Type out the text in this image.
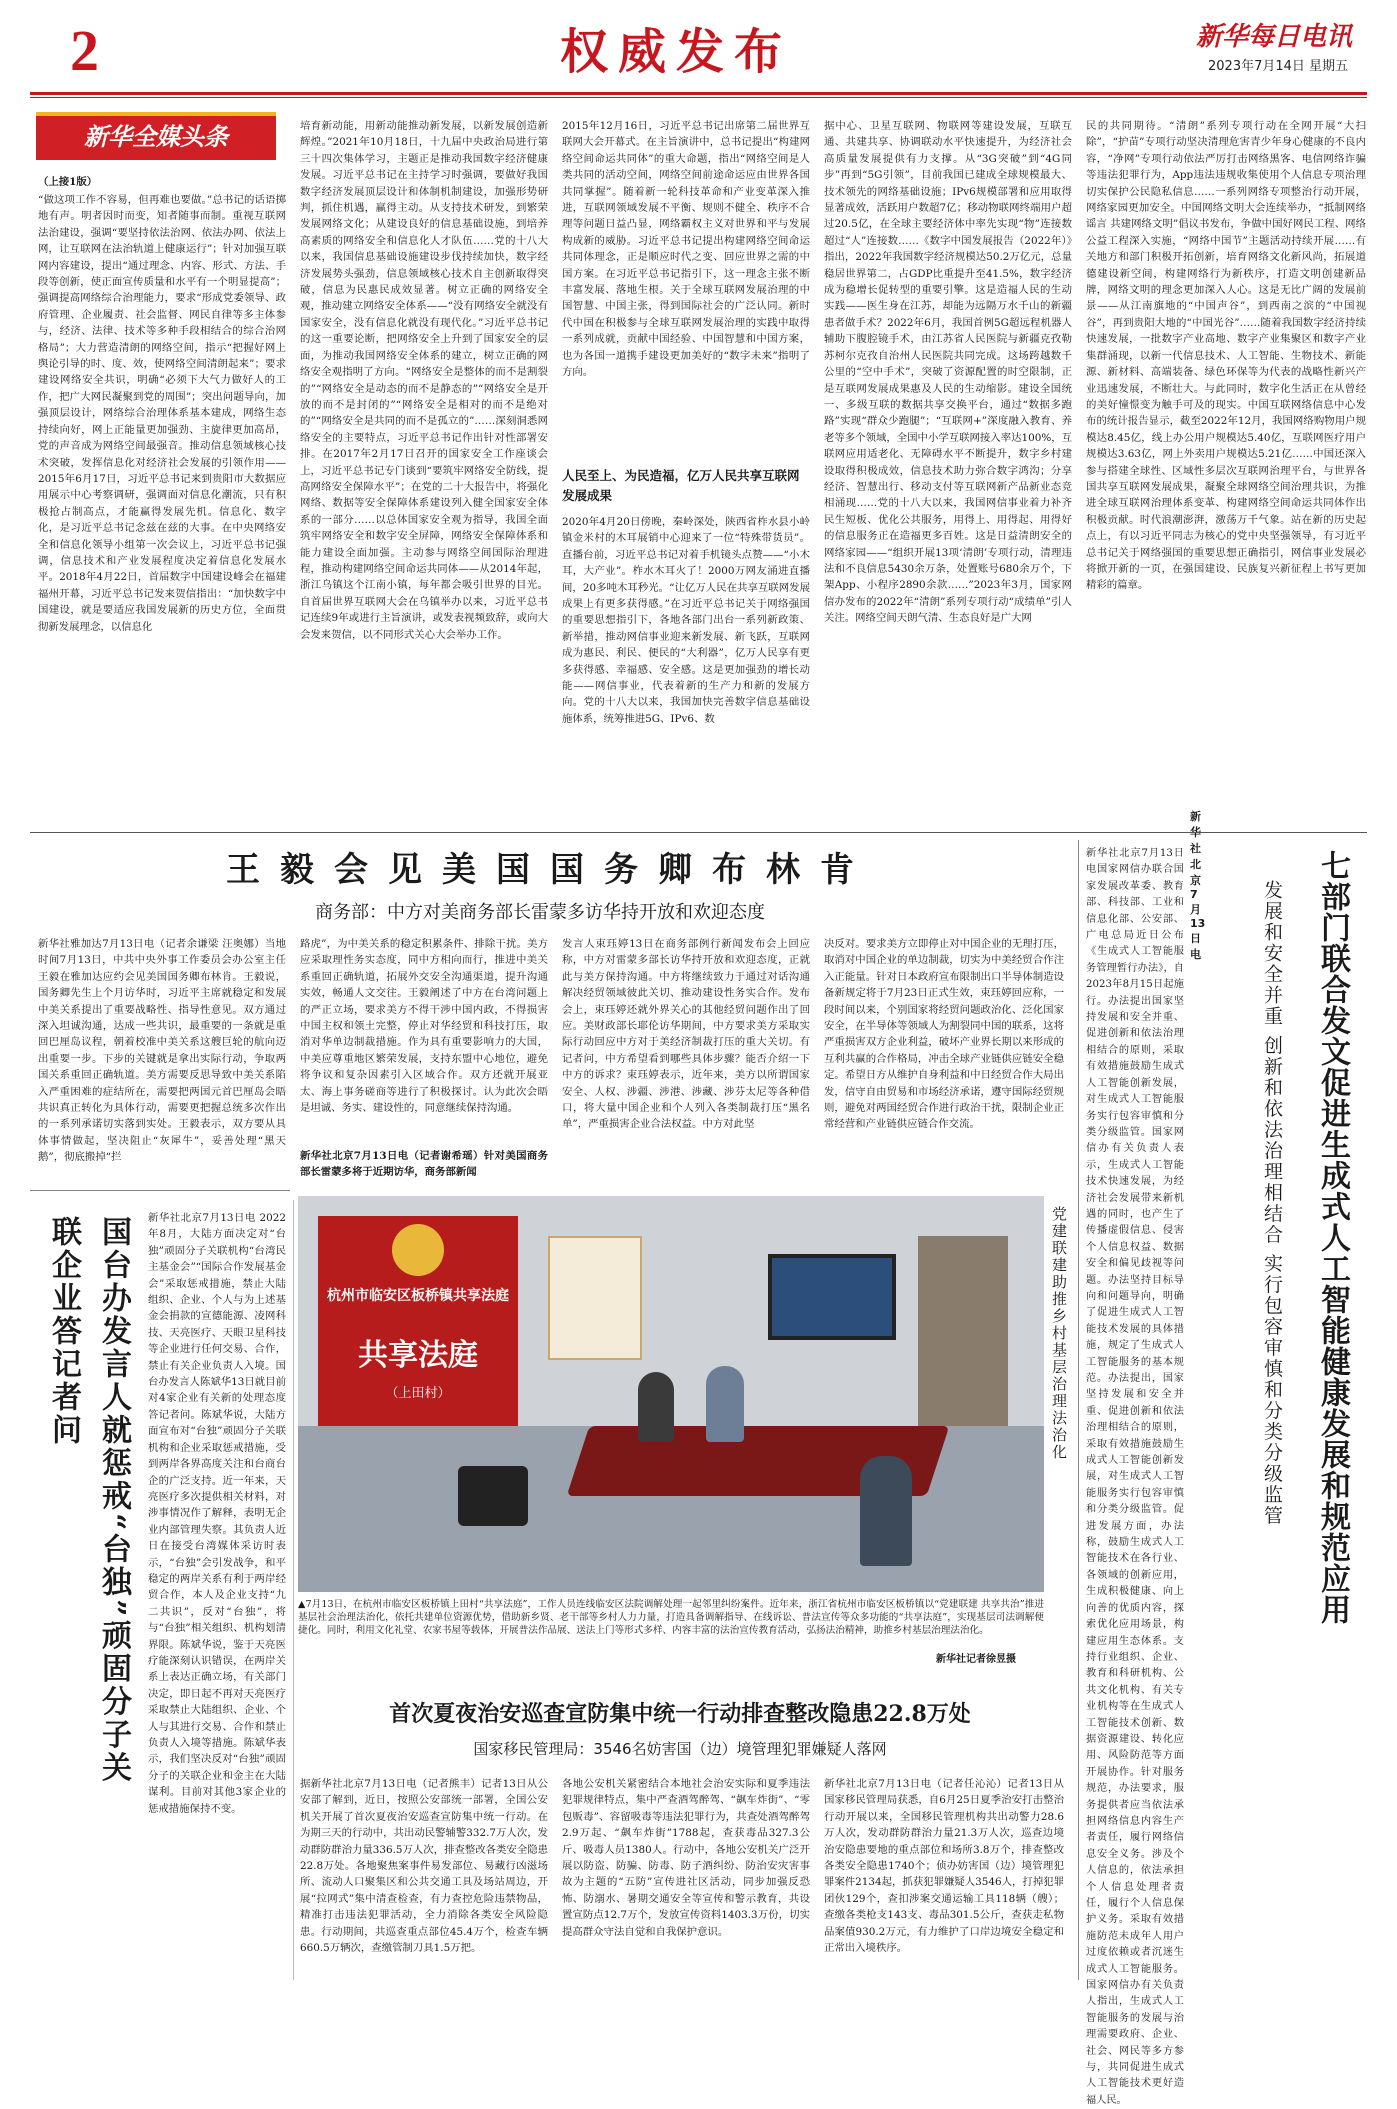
2	权威发布	新华每日电讯
2023年7月14日 星期五
新华全媒头条
（上接1版）
“做这项工作不容易，但再难也要做。”总书记的话语掷地有声。明者因时而变，知者随事而制。重视互联网法治建设，强调“要坚持依法治网、依法办网、依法上网，让互联网在法治轨道上健康运行”；针对加强互联网内容建设，提出“通过理念、内容、形式、方法、手段等创新，使正面宣传质量和水平有一个明显提高”；强调提高网络综合治理能力，要求“形成党委领导、政府管理、企业履责、社会监督、网民自律等多主体参与，经济、法律、技术等多种手段相结合的综合治网格局”；大力营造清朗的网络空间，指示“把握好网上舆论引导的时、度、效，使网络空间清朗起来”；要求建设网络安全共识，明确“必须下大气力做好人的工作，把广大网民凝聚到党的周围”；突出问题导向，加强顶层设计，网络综合治理体系基本建成，网络生态持续向好，网上正能量更加强劲、主旋律更加高昂，党的声音成为网络空间最强音。推动信息领域核心技术突破，发挥信息化对经济社会发展的引领作用——2015年6月17日，习近平总书记来到贵阳市大数据应用展示中心考察调研，强调面对信息化潮流，只有积极抢占制高点，才能赢得发展先机。信息化、数字化，是习近平总书记念兹在兹的大事。在中央网络安全和信息化领导小组第一次会议上，习近平总书记强调，信息技术和产业发展程度决定着信息化发展水平。2018年4月22日，首届数字中国建设峰会在福建福州开幕，习近平总书记发来贺信指出：“加快数字中国建设，就是要适应我国发展新的历史方位，全面贯彻新发展理念，以信息化
培育新动能，用新动能推动新发展，以新发展创造新辉煌。”2021年10月18日，十九届中央政治局进行第三十四次集体学习，主题正是推动我国数字经济健康发展。习近平总书记在主持学习时强调，要做好我国数字经济发展顶层设计和体制机制建设，加强形势研判，抓住机遇，赢得主动。从支持技术研发，到繁荣发展网络文化；从建设良好的信息基础设施，到培养高素质的网络安全和信息化人才队伍……党的十八大以来，我国信息基础设施建设步伐持续加快，数字经济发展势头强劲，信息领域核心技术自主创新取得突破，信息为民惠民成效显著。树立正确的网络安全观，推动建立网络安全体系——“没有网络安全就没有国家安全，没有信息化就没有现代化。”习近平总书记的这一重要论断，把网络安全上升到了国家安全的层面，为推动我国网络安全体系的建立，树立正确的网络安全观指明了方向。“网络安全是整体的而不是割裂的”“网络安全是动态的而不是静态的”“网络安全是开放的而不是封闭的”“网络安全是相对的而不是绝对的”“网络安全是共同的而不是孤立的”……深刻洞悉网络安全的主要特点，习近平总书记作出针对性部署安排。在2017年2月17日召开的国家安全工作座谈会上，习近平总书记专门谈到“要筑牢网络安全防线，提高网络安全保障水平”；在党的二十大报告中，将强化网络、数据等安全保障体系建设列入健全国家安全体系的一部分……以总体国家安全观为指导，我国全面筑牢网络安全和数字安全屏障，网络安全保障体系和能力建设全面加强。主动参与网络空间国际治理进程，推动构建网络空间命运共同体——从2014年起，浙江乌镇这个江南小镇，每年都会吸引世界的目光。自首届世界互联网大会在乌镇举办以来，习近平总书记连续9年或进行主旨演讲，或发表视频致辞，或向大会发来贺信，以不同形式关心大会举办工作。
2015年12月16日，习近平总书记出席第二届世界互联网大会开幕式。在主旨演讲中，总书记提出“构建网络空间命运共同体”的重大命题，指出“网络空间是人类共同的活动空间，网络空间前途命运应由世界各国共同掌握”。随着新一轮科技革命和产业变革深入推进，互联网领域发展不平衡、规则不健全、秩序不合理等问题日益凸显，网络霸权主义对世界和平与发展构成新的威胁。习近平总书记提出构建网络空间命运共同体理念，正是顺应时代之变、回应世界之需的中国方案。在习近平总书记指引下，这一理念主张不断丰富发展、落地生根。关于全球互联网发展治理的中国智慧、中国主张，得到国际社会的广泛认同。新时代中国在积极参与全球互联网发展治理的实践中取得一系列成就，贡献中国经验、中国智慧和中国方案，也为各国一道携手建设更加美好的“数字未来”指明了方向。
人民至上、为民造福，亿万人民共享互联网发展成果
2020年4月20日傍晚，秦岭深处，陕西省柞水县小岭镇金米村的木耳展销中心迎来了一位“特殊带货员”。直播台前，习近平总书记对着手机镜头点赞——“小木耳，大产业”。柞水木耳火了！2000万网友涌进直播间，20多吨木耳秒光。“让亿万人民在共享互联网发展成果上有更多获得感。”在习近平总书记关于网络强国的重要思想指引下，各地各部门出台一系列新政策、新举措，推动网信事业迎来新发展、新飞跃，互联网成为惠民、利民、便民的“大利器”，亿万人民享有更多获得感、幸福感、安全感。这是更加强劲的增长动能——网信事业，代表着新的生产力和新的发展方向。党的十八大以来，我国加快完善数字信息基础设施体系，统筹推进5G、IPv6、数
据中心、卫星互联网、物联网等建设发展，互联互通、共建共享、协调联动水平快速提升，为经济社会高质量发展提供有力支撑。从“3G突破”到“4G同步”再到“5G引领”，目前我国已建成全球规模最大、技术领先的网络基础设施；IPv6规模部署和应用取得显著成效，活跃用户数超7亿；移动物联网终端用户超过20.5亿，在全球主要经济体中率先实现“物”连接数超过“人”连接数……《数字中国发展报告（2022年）》指出，2022年我国数字经济规模达50.2万亿元，总量稳居世界第二，占GDP比重提升至41.5%，数字经济成为稳增长促转型的重要引擎。这是造福人民的生动实践——医生身在江苏，却能为远隔万水千山的新疆患者做手术？2022年6月，我国首例5G超远程机器人辅助下腹腔镜手术，由江苏省人民医院与新疆克孜勒苏柯尔克孜自治州人民医院共同完成。这场跨越数千公里的“空中手术”，突破了资源配置的时空限制，正是互联网发展成果惠及人民的生动缩影。建设全国统一、多级互联的数据共享交换平台，通过“数据多跑路”实现“群众少跑腿”；“互联网+”深度融入教育、养老等多个领域，全国中小学互联网接入率达100%，互联网应用适老化、无障碍水平不断提升，数字乡村建设取得积极成效，信息技术助力弥合数字鸿沟；分享经济、智慧出行、移动支付等互联网新产品新业态竞相涌现……党的十八大以来，我国网信事业着力补齐民生短板、优化公共服务，用得上、用得起、用得好的信息服务正在造福更多百姓。这是日益清朗安全的网络家园——“组织开展13项‘清朗’专项行动，清理违法和不良信息5430余万条，处置账号680余万个，下架App、小程序2890余款……”2023年3月，国家网信办发布的2022年“清朗”系列专项行动“成绩单”引人关注。网络空间天朗气清、生态良好是广大网
民的共同期待。“清朗”系列专项行动在全网开展“大扫除”，“护苗”专项行动坚决清理危害青少年身心健康的不良内容，“净网”专项行动依法严厉打击网络黑客、电信网络诈骗等违法犯罪行为，App违法违规收集使用个人信息专项治理切实保护公民隐私信息……一系列网络专项整治行动开展，网络家园更加安全。中国网络文明大会连续举办，“抵制网络谣言 共建网络文明”倡议书发布，争做中国好网民工程、网络公益工程深入实施，“网络中国节”主题活动持续开展……有关地方和部门积极开拓创新，培育网络文化新风尚，拓展道德建设新空间，构建网络行为新秩序，打造文明创建新品牌，网络文明的理念更加深入人心。这是无比广阔的发展前景——从江南旗地的“中国声谷”，到西南之滨的“中国视谷”，再到贵阳大地的“中国光谷”……随着我国数字经济持续快速发展，一批数字产业高地、数字产业集聚区和数字产业集群涌现，以新一代信息技术、人工智能、生物技术、新能源、新材料、高端装备、绿色环保等为代表的战略性新兴产业迅速发展，不断壮大。与此同时，数字化生活正在从曾经的美好憧憬变为触手可及的现实。中国互联网络信息中心发布的统计报告显示，截至2022年12月，我国网络购物用户规模达8.45亿，线上办公用户规模达5.40亿，互联网医疗用户规模达3.63亿，网上外卖用户规模达5.21亿……中国还深入参与搭建全球性、区域性多层次互联网治理平台，与世界各国共享互联网发展成果，凝聚全球网络空间治理共识，为推进全球互联网治理体系变革、构建网络空间命运共同体作出积极贡献。时代浪潮澎湃，激荡万千气象。站在新的历史起点上，有以习近平同志为核心的党中央坚强领导，有习近平总书记关于网络强国的重要思想正确指引，网信事业发展必将掀开新的一页，在强国建设、民族复兴新征程上书写更加精彩的篇章。
新华社北京7月13日电
王毅会见美国国务卿布林肯
商务部：中方对美商务部长雷蒙多访华持开放和欢迎态度
新华社雅加达7月13日电（记者余谦梁 汪奥娜）当地时间7月13日，中共中央外事工作委员会办公室主任王毅在雅加达应约会见美国国务卿布林肯。王毅说，国务卿先生上个月访华时，习近平主席就稳定和发展中美关系提出了重要战略性、指导性意见。双方通过深入坦诚沟通，达成一些共识，最重要的一条就是重回巴厘岛议程，朝着校准中美关系这艘巨轮的航向迈出重要一步。下步的关键就是拿出实际行动，争取两国关系重回正确轨道。美方需要反思导致中美关系陷入严重困难的症结所在，需要把两国元首巴厘岛会晤共识真正转化为具体行动，需要更把握总统多次作出的一系列承诺切实落到实处。王毅表示，双方要从具体事情做起，坚决阻止“灰犀牛”，妥善处理“黑天鹅”，彻底搬掉“拦
路虎”，为中美关系的稳定积累条件、排除干扰。美方应采取理性务实态度，同中方相向而行，推进中美关系重回正确轨道，拓展外交安全沟通渠道，提升沟通实效，畅通人文交往。王毅阐述了中方在台湾问题上的严正立场，要求美方不得干涉中国内政，不得损害中国主权和领土完整，停止对华经贸和科技打压，取消对华单边制裁措施。作为具有重要影响力的大国，中美应尊重地区繁荣发展，支持东盟中心地位，避免将争议和复杂因素引入区域合作。双方还就开展亚太、海上事务磋商等进行了积极探讨。认为此次会晤是坦诚、务实、建设性的，同意继续保持沟通。
新华社北京7月13日电（记者谢希瑶）针对美国商务部长雷蒙多将于近期访华，商务部新闻
发言人束珏婷13日在商务部例行新闻发布会上回应称，中方对雷蒙多部长访华持开放和欢迎态度，正就此与美方保持沟通。中方将继续致力于通过对话沟通解决经贸领域彼此关切、推动建设性务实合作。发布会上，束珏婷还就外界关心的其他经贸问题作出了回应。美财政部长耶伦访华期间，中方要求美方采取实际行动回应中方对于美经济制裁打压的重大关切。有记者问，中方希望看到哪些具体步骤？能否介绍一下中方的诉求？束珏婷表示，近年来，美方以所谓国家安全、人权、涉疆、涉港、涉藏、涉芬太尼等各种借口，将大量中国企业和个人列入各类制裁打压“黑名单”，严重损害企业合法权益。中方对此坚
决反对。要求美方立即停止对中国企业的无理打压，取消对中国企业的单边制裁，切实为中美经贸合作注入正能量。针对日本政府宣布限制出口半导体制造设备新规定将于7月23日正式生效，束珏婷回应称，一段时间以来，个别国家将经贸问题政治化、泛化国家安全，在半导体等领域人为割裂同中国的联系，这将严重损害双方企业利益，破坏产业界长期以来形成的互利共赢的合作格局，冲击全球产业链供应链安全稳定。希望日方从维护自身利益和中日经贸合作大局出发，信守自由贸易和市场经济承诺，遵守国际经贸规则，避免对两国经贸合作进行政治干扰，限制企业正常经营和产业链供应链合作交流。
新华社北京7月13日电国家网信办联合国家发展改革委、教育部、科技部、工业和信息化部、公安部、广电总局近日公布《生成式人工智能服务管理暂行办法》，自2023年8月15日起施行。办法提出国家坚持发展和安全并重、促进创新和依法治理相结合的原则，采取有效措施鼓励生成式人工智能创新发展，对生成式人工智能服务实行包容审慎和分类分级监管。国家网信办有关负责人表示，生成式人工智能技术快速发展，为经济社会发展带来新机遇的同时，也产生了传播虚假信息、侵害个人信息权益、数据安全和偏见歧视等问题。办法坚持目标导向和问题导向，明确了促进生成式人工智能技术发展的具体措施，规定了生成式人工智能服务的基本规范。办法提出，国家坚持发展和安全并重、促进创新和依法治理相结合的原则，采取有效措施鼓励生成式人工智能创新发展，对生成式人工智能服务实行包容审慎和分类分级监管。促进发展方面，办法称，鼓励生成式人工智能技术在各行业、各领域的创新应用，生成积极健康、向上向善的优质内容，探索优化应用场景，构建应用生态体系。支持行业组织、企业、教育和科研机构、公共文化机构、有关专业机构等在生成式人工智能技术创新、数据资源建设、转化应用、风险防范等方面开展协作。针对服务规范，办法要求，服务提供者应当依法承担网络信息内容生产者责任，履行网络信息安全义务。涉及个人信息的，依法承担个人信息处理者责任，履行个人信息保护义务。采取有效措施防范未成年人用户过度依赖或者沉迷生成式人工智能服务。国家网信办有关负责人指出，生成式人工智能服务的发展与治理需要政府、企业、社会、网民等多方参与，共同促进生成式人工智能技术更好造福人民。
七部门联合发文促进生成式人工智能健康发展和规范应用
发展和安全并重 创新和依法治理相结合 实行包容审慎和分类分级监管
国台办发言人就惩戒“台独”顽固分子关联企业答记者问	新华社北京7月13日电 2022年8月，大陆方面决定对“台独”顽固分子关联机构“台湾民主基金会”“国际合作发展基金会”采取惩戒措施，禁止大陆组织、企业、个人与为上述基金会捐款的宣德能源、凌网科技、天亮医疗、天眼卫星科技等企业进行任何交易、合作，禁止有关企业负责人入境。国台办发言人陈斌华13日就目前对4家企业有关新的处理态度答记者问。陈斌华说，大陆方面宣布对“台独”顽固分子关联机构和企业采取惩戒措施，受到两岸各界高度关注和台商台企的广泛支持。近一年来，天亮医疗多次提供相关材料，对涉事情况作了解释，表明无企业内部管理失察。其负责人近日在接受台湾媒体采访时表示，“台独”会引发战争，和平稳定的两岸关系有利于两岸经贸合作，本人及企业支持“九二共识”，反对“台独”，将与“台独”相关组织、机构划清界限。陈斌华说，鉴于天亮医疗能深刻认识错误，在两岸关系上表达正确立场，有关部门决定，即日起不再对天亮医疗采取禁止大陆组织、企业、个人与其进行交易、合作和禁止负责人入境等措施。陈斌华表示，我们坚决反对“台独”顽固分子的关联企业和金主在大陆谋利。目前对其他3家企业的惩戒措施保持不变。
杭州市临安区板桥镇共享法庭
共享法庭
（上田村）	党建联建助推乡村基层治理法治化
▲7月13日，在杭州市临安区板桥镇上田村“共享法庭”，工作人员连线临安区法院调解处理一起邻里纠纷案件。近年来，浙江省杭州市临安区板桥镇以“党建联建 共享共治”推进基层社会治理法治化，依托共建单位资源优势，借助新乡贤、老干部等乡村人力力量，打造具备调解指导、在线诉讼、普法宣传等众多功能的“共享法庭”，实现基层司法调解便捷化。同时，利用文化礼堂、农家书屋等载体，开展普法作品展、送法上门等形式多样、内容丰富的法治宣传教育活动，弘扬法治精神，助推乡村基层治理法治化。
新华社记者徐昱摄
首次夏夜治安巡查宣防集中统一行动排查整改隐患22.8万处
国家移民管理局：3546名妨害国（边）境管理犯罪嫌疑人落网
据新华社北京7月13日电（记者熊丰）记者13日从公安部了解到，近日，按照公安部统一部署，全国公安机关开展了首次夏夜治安巡查宣防集中统一行动。在为期三天的行动中，共出动民警辅警332.7万人次，发动群防群治力量336.5万人次，排查整改各类安全隐患22.8万处。各地聚焦案事件易发部位、易藏行凶滋场所、流动人口聚集区和公共交通工具及场站周边，开展“拉网式”集中清查检查，有力查控危险违禁物品，精准打击违法犯罪活动，全力消除各类安全风险隐患。行动期间，共巡查重点部位45.4万个，检查车辆660.5万辆次，查缴管制刀具1.5万把。
各地公安机关紧密结合本地社会治安实际和夏季违法犯罪规律特点，集中严查酒驾醉驾、“飙车炸街”、“零包贩毒”、容留吸毒等违法犯罪行为，共查处酒驾醉驾2.9万起、“飙车炸街”1788起，查获毒品327.3公斤、吸毒人员1380人。行动中，各地公安机关广泛开展以防盗、防骗、防毒、防子酒纠纷、防治安灾害事故为主题的“五防”宣传进社区活动，同步加强反恐怖、防溺水、暑期交通安全等宣传和警示教育，共设置宣防点12.7万个，发放宣传资料1403.3万份，切实提高群众守法自觉和自我保护意识。
新华社北京7月13日电（记者任沁沁）记者13日从国家移民管理局获悉，自6月25日夏季治安打击整治行动开展以来，全国移民管理机构共出动警力28.6万人次，发动群防群治力量21.3万人次，巡查边境治安隐患要地的重点部位和场所3.8万个，排查整改各类安全隐患1740个；侦办妨害国（边）境管理犯罪案件2134起，抓获犯罪嫌疑人3546人，打掉犯罪团伙129个，查扣涉案交通运输工具118辆（艘）；查缴各类枪支143支、毒品301.5公斤，查获走私物品案值930.2万元，有力维护了口岸边境安全稳定和正常出入境秩序。
